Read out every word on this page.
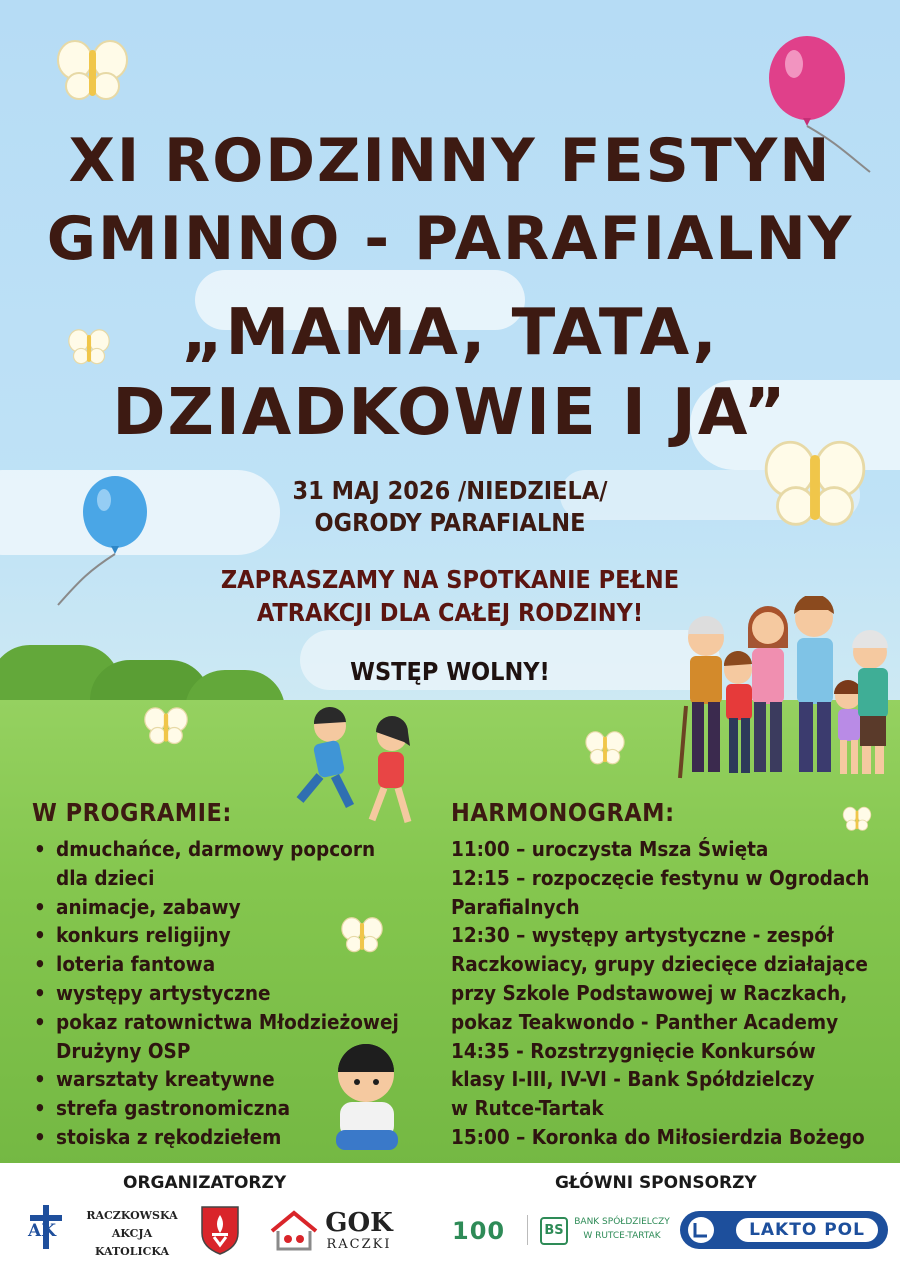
XI RODZINNY FESTYN
GMINNO - PARAFIALNY
„MAMA, TATA,
DZIADKOWIE I JA”
31 MAJ 2026 /NIEDZIELA/
OGRODY PARAFIALNE
ZAPRASZAMY NA SPOTKANIE PEŁNE
ATRAKCJI DLA CAŁEJ RODZINY!
WSTĘP WOLNY!
W PROGRAMIE:
• dmuchańce, darmowy popcorn
dla dzieci
• animacje, zabawy
• konkurs religijny
• loteria fantowa
• występy artystyczne
• pokaz ratownictwa Młodzieżowej
Drużyny OSP
• warsztaty kreatywne
• strefa gastronomiczna
• stoiska z rękodziełem
HARMONOGRAM:
11:00 – uroczysta Msza Święta
12:15 – rozpoczęcie festynu w Ogrodach
Parafialnych
12:30 – występy artystyczne - zespół
Raczkowiacy, grupy dziecięce działające
przy Szkole Podstawowej w Raczkach,
pokaz Teakwondo - Panther Academy
14:35 - Rozstrzygnięcie Konkursów
klasy I-III, IV-VI - Bank Spółdzielczy
w Rutce-Tartak
15:00 – Koronka do Miłosierdzia Bożego
ORGANIZATORZY	GŁÓWNI SPONSORZY
AK
RACZKOWSKA
AKCJA
KATOLICKA
GOK
RACZKI	100	BS
BANK SPÓŁDZIELCZY
W RUTCE-TARTAK	LAKTO POL
